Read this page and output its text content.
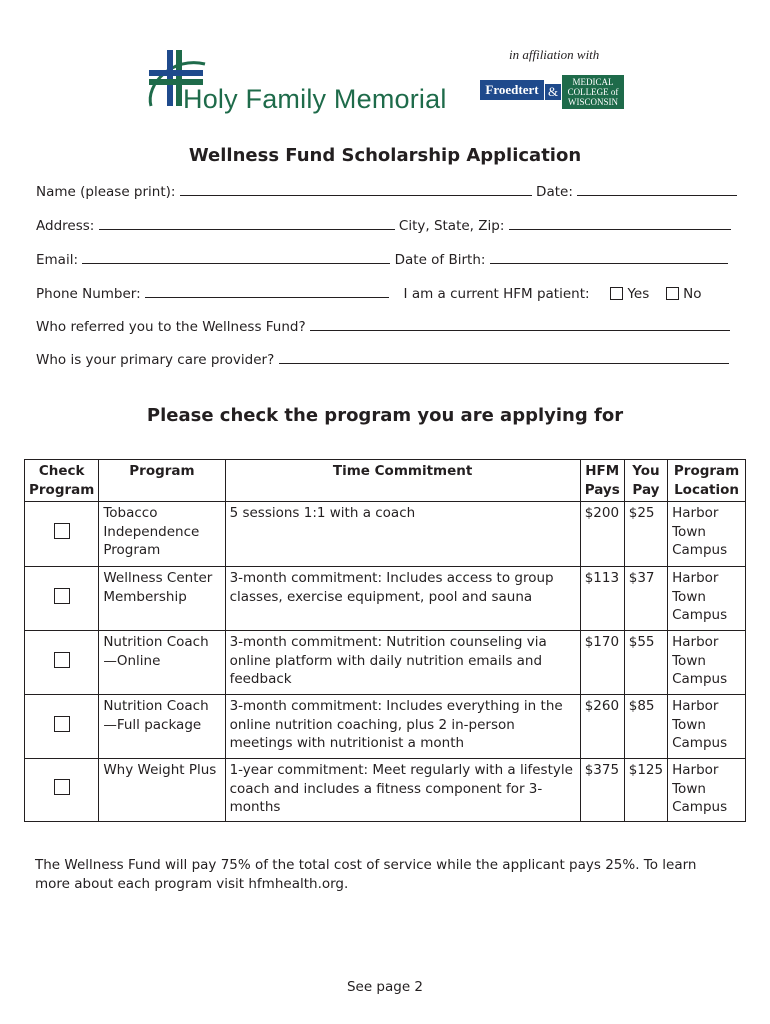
Holy Family Memorial
in affiliation with
Froedtert &
MEDICAL
COLLEGE of
WISCONSIN
Wellness Fund Scholarship Application
Name (please print):	Date:
Address:	City, State, Zip:
Email:	Date of Birth:
Phone Number:	I am a current HFM patient:	Yes	No
Who referred you to the Wellness Fund?
Who is your primary care provider?
Please check the program you are applying for
Check Program	Program	Time Commitment	HFM Pays	You Pay	Program Location
	Tobacco Independence Program	5 sessions 1:1 with a coach	$200	$25	Harbor Town Campus
	Wellness Center Membership	3-month commitment: Includes access to group classes, exercise equipment, pool and sauna	$113	$37	Harbor Town Campus
	Nutrition Coach—Online	3-month commitment: Nutrition counseling via online platform with daily nutrition emails and feedback	$170	$55	Harbor Town Campus
	Nutrition Coach—Full package	3-month commitment: Includes everything in the online nutrition coaching, plus 2 in-person meetings with nutritionist a month	$260	$85	Harbor Town Campus
	Why Weight Plus	1-year commitment: Meet regularly with a lifestyle coach and includes a fitness component for 3-months	$375	$125	Harbor Town Campus
The Wellness Fund will pay 75% of the total cost of service while the applicant pays 25%. To learn more about each program visit hfmhealth.org.
See page 2
